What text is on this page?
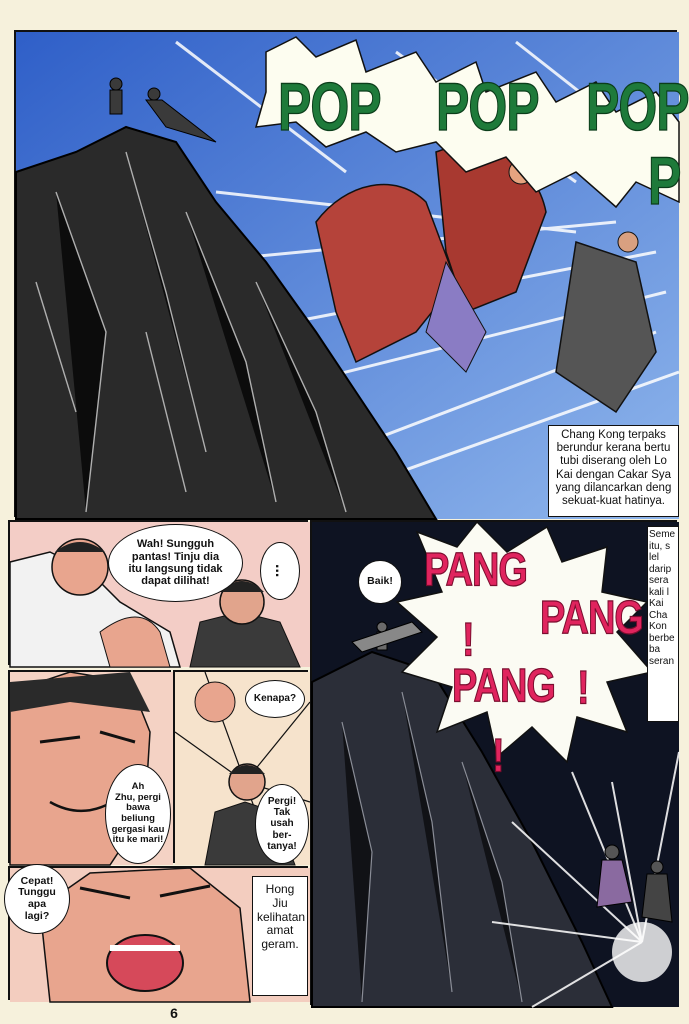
POP POP POP
P
Chang Kong terpaks
berundur kerana bertu
tubi diserang oleh Lo
Kai dengan Cakar Sya
yang dilancarkan deng
sekuat-kuat hatinya.
Wah! Sungguh
pantas! Tinju dia
itu langsung tidak
dapat dilihat!
...	PANG
!
PANG
!
PANG
!
Baik!
Seme
itu, s
lel
darip
sera
kali l
Kai
Cha
Kon
berbe
ba
seran
Ah
Zhu, pergi
bawa
beliung
gergasi kau
itu ke mari!
Kenapa?
Pergi!
Tak
usah
ber-
tanya!
Cepat!
Tunggu
apa
lagi?
Hong
Jiu
kelihatan
amat
geram.
6
